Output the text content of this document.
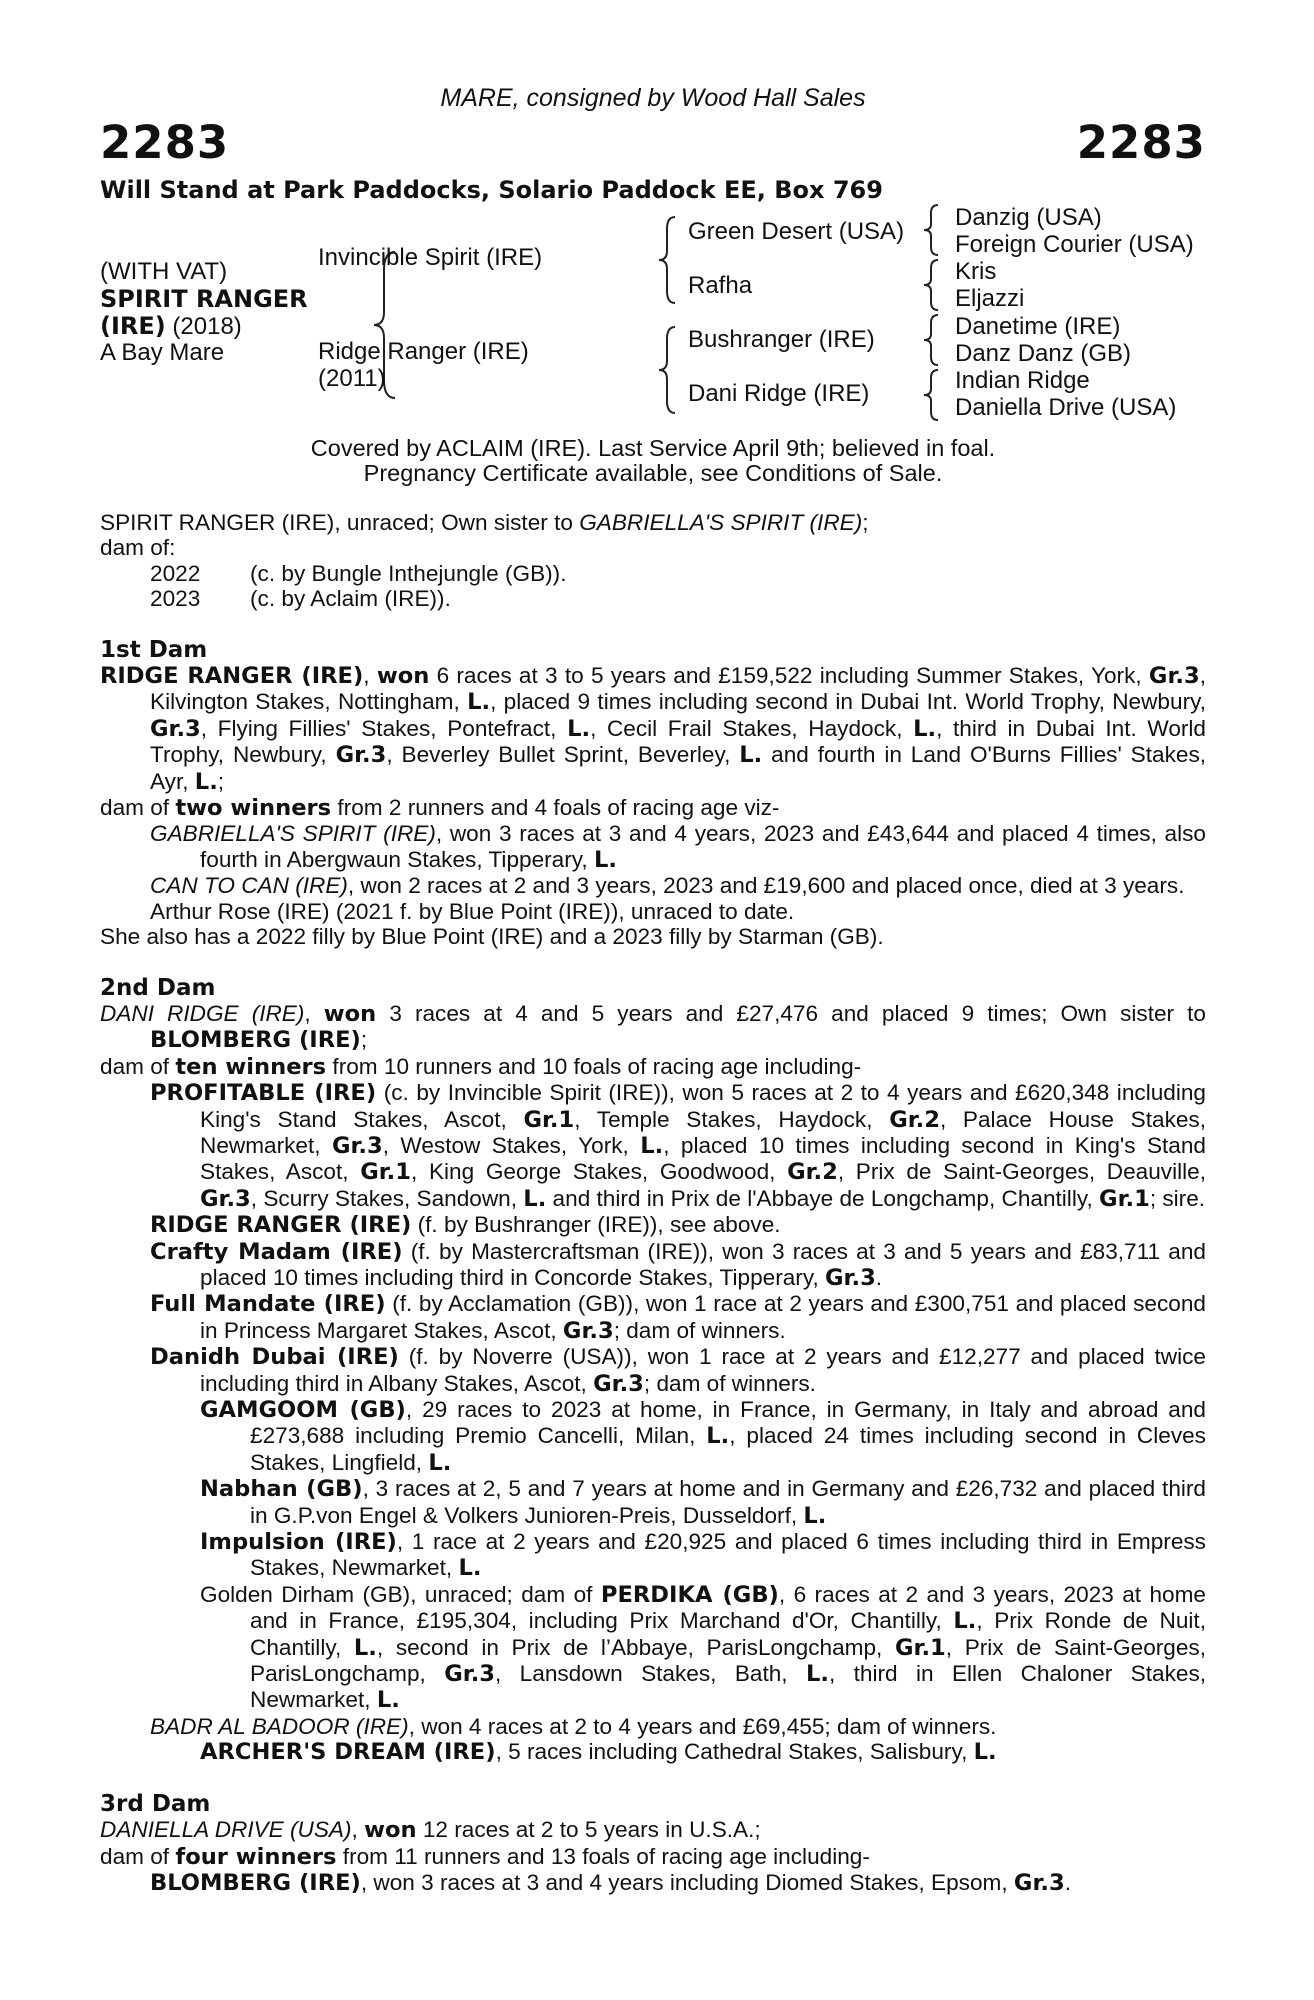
MARE, consigned by Wood Hall Sales
2283	2283
Will Stand at Park Paddocks, Solario Paddock EE, Box 769
(WITH VAT)
SPIRIT RANGER
(IRE) (2018)
A Bay Mare
Invincible Spirit (IRE)
Ridge Ranger (IRE)
(2011)
Green Desert (USA)
Rafha
Bushranger (IRE)
Dani Ridge (IRE)
Danzig (USA)
Foreign Courier (USA)
Kris
Eljazzi
Danetime (IRE)
Danz Danz (GB)
Indian Ridge
Daniella Drive (USA)
Covered by ACLAIM (IRE). Last Service April 9th; believed in foal.
Pregnancy Certificate available, see Conditions of Sale.

SPIRIT RANGER (IRE), unraced; Own sister to GABRIELLA'S SPIRIT (IRE);

dam of:

2022 (c. by Bungle Inthejungle (GB)).

2023 (c. by Aclaim (IRE)).

1st Dam

RIDGE RANGER (IRE), won 6 races at 3 to 5 years and £159,522 including Summer Stakes, York, Gr.3, Kilvington Stakes, Nottingham, L., placed 9 times including second in Dubai Int. World Trophy, Newbury, Gr.3, Flying Fillies' Stakes, Pontefract, L., Cecil Frail Stakes, Haydock, L., third in Dubai Int. World Trophy, Newbury, Gr.3, Beverley Bullet Sprint, Beverley, L. and fourth in Land O'Burns Fillies' Stakes, Ayr, L.;

dam of two winners from 2 runners and 4 foals of racing age viz-

GABRIELLA'S SPIRIT (IRE), won 3 races at 3 and 4 years, 2023 and £43,644 and placed 4 times, also fourth in Abergwaun Stakes, Tipperary, L.

CAN TO CAN (IRE), won 2 races at 2 and 3 years, 2023 and £19,600 and placed once, died at 3 years.

Arthur Rose (IRE) (2021 f. by Blue Point (IRE)), unraced to date.

She also has a 2022 filly by Blue Point (IRE) and a 2023 filly by Starman (GB).

2nd Dam

DANI RIDGE (IRE), won 3 races at 4 and 5 years and £27,476 and placed 9 times; Own sister to BLOMBERG (IRE);

dam of ten winners from 10 runners and 10 foals of racing age including-

PROFITABLE (IRE) (c. by Invincible Spirit (IRE)), won 5 races at 2 to 4 years and £620,348 including King's Stand Stakes, Ascot, Gr.1, Temple Stakes, Haydock, Gr.2, Palace House Stakes, Newmarket, Gr.3, Westow Stakes, York, L., placed 10 times including second in King's Stand Stakes, Ascot, Gr.1, King George Stakes, Goodwood, Gr.2, Prix de Saint-Georges, Deauville, Gr.3, Scurry Stakes, Sandown, L. and third in Prix de l'Abbaye de Longchamp, Chantilly, Gr.1; sire.

RIDGE RANGER (IRE) (f. by Bushranger (IRE)), see above.

Crafty Madam (IRE) (f. by Mastercraftsman (IRE)), won 3 races at 3 and 5 years and £83,711 and placed 10 times including third in Concorde Stakes, Tipperary, Gr.3.

Full Mandate (IRE) (f. by Acclamation (GB)), won 1 race at 2 years and £300,751 and placed second in Princess Margaret Stakes, Ascot, Gr.3; dam of winners.

Danidh Dubai (IRE) (f. by Noverre (USA)), won 1 race at 2 years and £12,277 and placed twice including third in Albany Stakes, Ascot, Gr.3; dam of winners.

GAMGOOM (GB), 29 races to 2023 at home, in France, in Germany, in Italy and abroad and £273,688 including Premio Cancelli, Milan, L., placed 24 times including second in Cleves Stakes, Lingfield, L.

Nabhan (GB), 3 races at 2, 5 and 7 years at home and in Germany and £26,732 and placed third in G.P.von Engel & Volkers Junioren-Preis, Dusseldorf, L.

Impulsion (IRE), 1 race at 2 years and £20,925 and placed 6 times including third in Empress Stakes, Newmarket, L.

Golden Dirham (GB), unraced; dam of PERDIKA (GB), 6 races at 2 and 3 years, 2023 at home and in France, £195,304, including Prix Marchand d'Or, Chantilly, L., Prix Ronde de Nuit, Chantilly, L., second in Prix de l’Abbaye, ParisLongchamp, Gr.1, Prix de Saint-Georges, ParisLongchamp, Gr.3, Lansdown Stakes, Bath, L., third in Ellen Chaloner Stakes, Newmarket, L.

BADR AL BADOOR (IRE), won 4 races at 2 to 4 years and £69,455; dam of winners.

ARCHER'S DREAM (IRE), 5 races including Cathedral Stakes, Salisbury, L.

3rd Dam

DANIELLA DRIVE (USA), won 12 races at 2 to 5 years in U.S.A.;

dam of four winners from 11 runners and 13 foals of racing age including-

BLOMBERG (IRE), won 3 races at 3 and 4 years including Diomed Stakes, Epsom, Gr.3.
